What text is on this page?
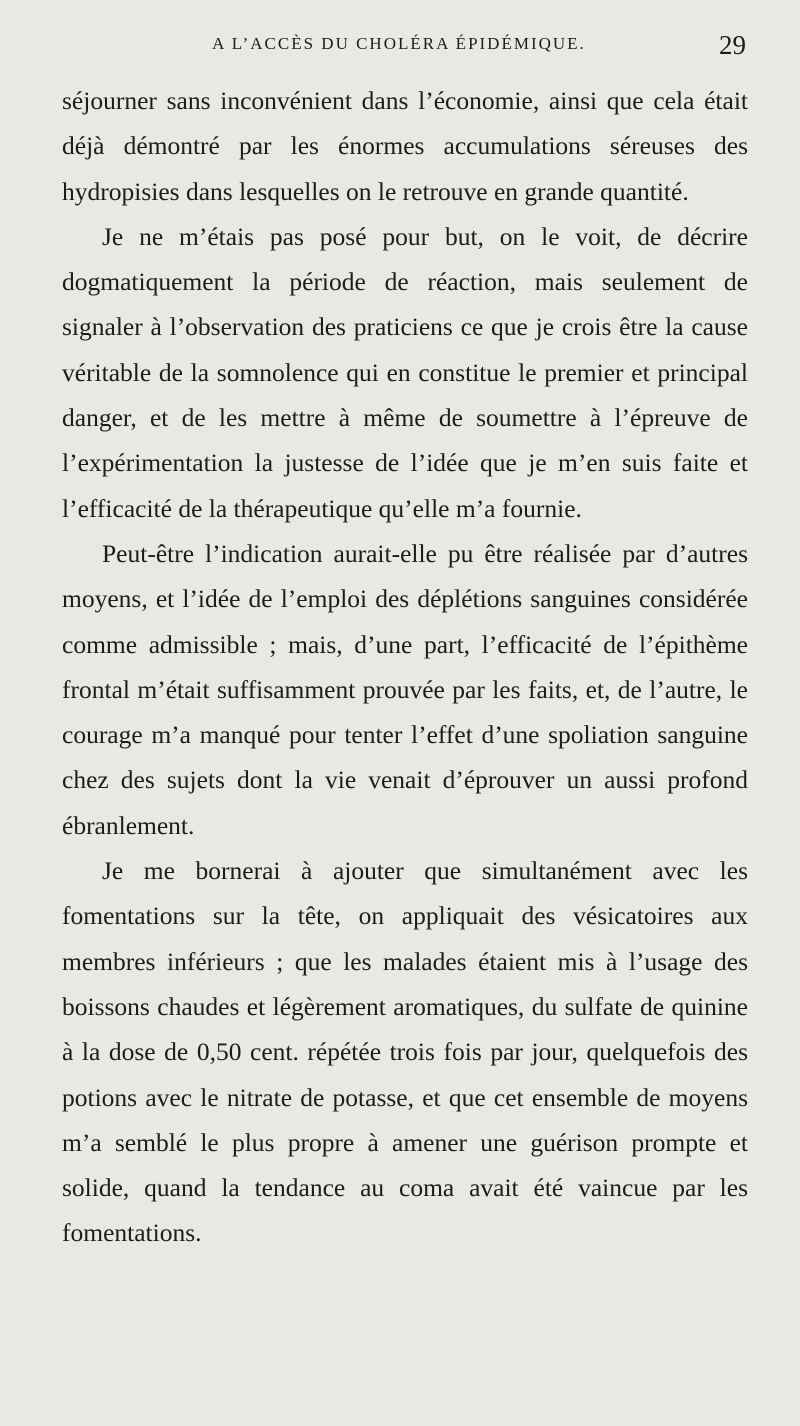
A L’ACCÈS DU CHOLÉRA ÉPIDÉMIQUE.	29

séjourner sans inconvénient dans l’économie, ainsi que cela était déjà démontré par les énormes accumulations séreuses des hydropisies dans lesquelles on le retrouve en grande quantité.

Je ne m’étais pas posé pour but, on le voit, de décrire dogmatiquement la période de réaction, mais seulement de signaler à l’observation des praticiens ce que je crois être la cause véritable de la somnolence qui en constitue le premier et principal danger, et de les mettre à même de soumettre à l’épreuve de l’expérimentation la justesse de l’idée que je m’en suis faite et l’efficacité de la thérapeutique qu’elle m’a fournie.

Peut-être l’indication aurait-elle pu être réalisée par d’autres moyens, et l’idée de l’emploi des déplétions sanguines considérée comme admissible ; mais, d’une part, l’efficacité de l’épithème frontal m’était suffisamment prouvée par les faits, et, de l’autre, le courage m’a manqué pour tenter l’effet d’une spoliation sanguine chez des sujets dont la vie venait d’éprouver un aussi profond ébranlement.

Je me bornerai à ajouter que simultanément avec les fomentations sur la tête, on appliquait des vésicatoires aux membres inférieurs ; que les malades étaient mis à l’usage des boissons chaudes et légèrement aromatiques, du sulfate de quinine à la dose de 0,50 cent. répétée trois fois par jour, quelquefois des potions avec le nitrate de potasse, et que cet ensemble de moyens m’a semblé le plus propre à amener une guérison prompte et solide, quand la tendance au coma avait été vaincue par les fomentations.
